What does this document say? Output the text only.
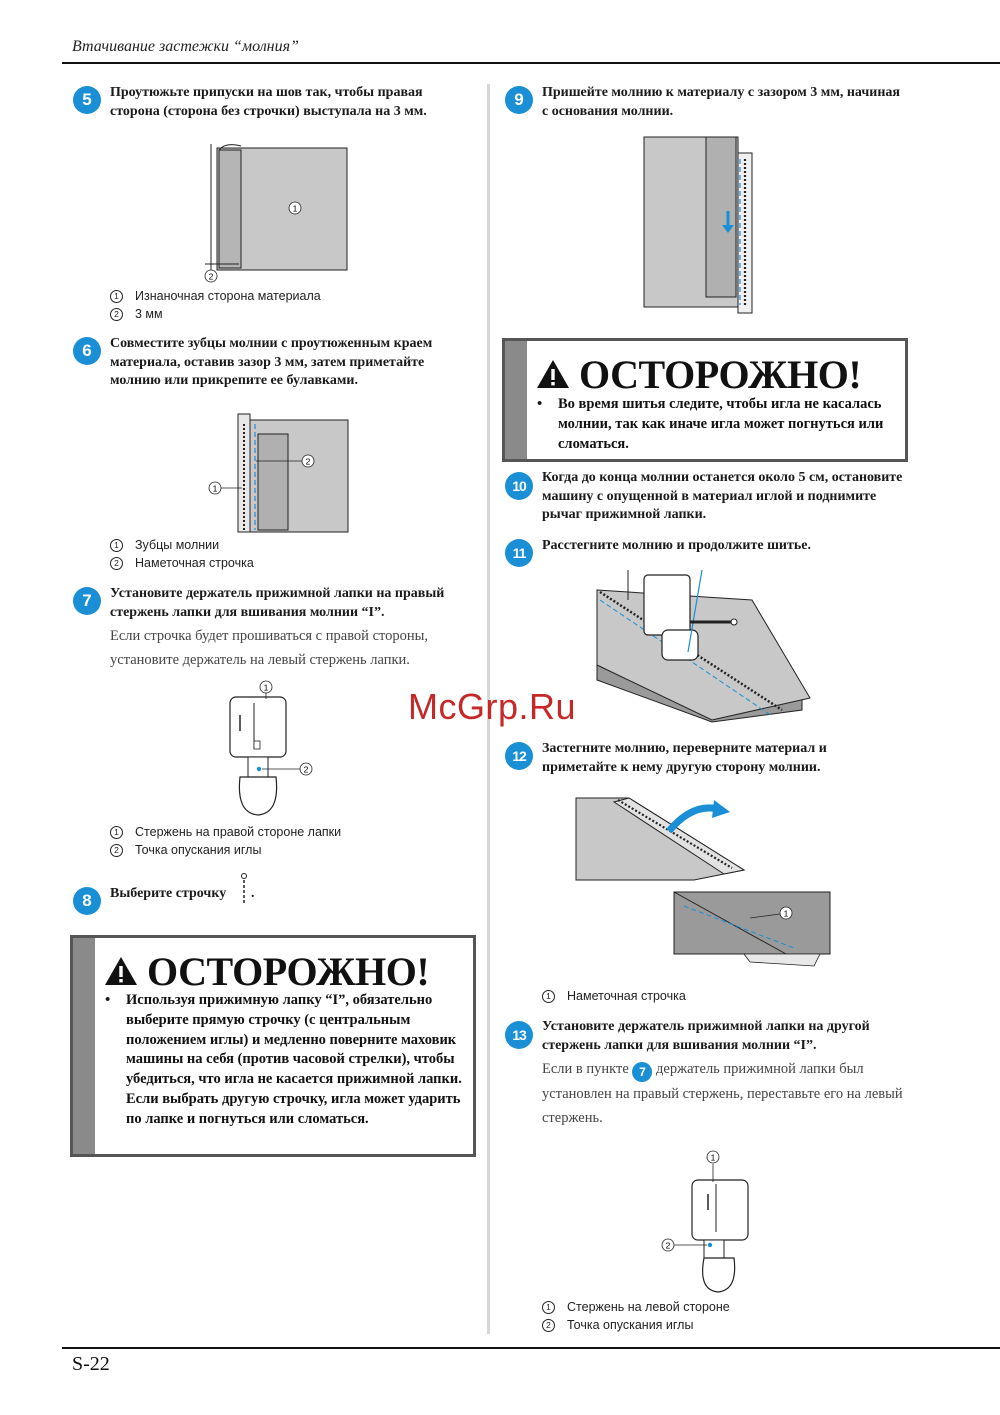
Втачивание застежки “молния”
5	Проутюжьте припуски на шов так, чтобы правая сторона (сторона без строчки) выступала на 3 мм.
1
2
1	Изнаночная сторона материала
2	3 мм
6	Совместите зубцы молнии с проутюженным краем материала, оставив зазор 3 мм, затем приметайте молнию или прикрепите ее булавками.
2
1
1	Зубцы молнии
2	Наметочная строчка
7	Установите держатель прижимной лапки на правый стержень лапки для вшивания молнии “I”.
Если строчка будет прошиваться с правой стороны, установите держатель на левый стержень лапки.
1
2
1	Стержень на правой стороне лапки
2	Точка опускания иглы
8	Выберите строчку .
ОСТОРОЖНО!
• Используя прижимную лапку “I”, обязательно выберите прямую строчку (с центральным положением иглы) и медленно поверните маховик машины на себя (против часовой стрелки), чтобы убедиться, что игла не касается прижимной лапки. Если выбрать другую строчку, игла может ударить по лапке и погнуться или сломаться.
9	Пришейте молнию к материалу с зазором 3 мм, начиная с основания молнии.
ОСТОРОЖНО!
• Во время шитья следите, чтобы игла не касалась молнии, так как иначе игла может погнуться или сломаться.
10
Когда до конца молнии останется около 5 см, остановите машину с опущенной в материал иглой и поднимите рычаг прижимной лапки.
11	Расстегните молнию и продолжите шитье.
12	Застегните молнию, переверните материал и приметайте к нему другую сторону молнии.
1
1	Наметочная строчка
13
Установите держатель прижимной лапки на другой стержень лапки для вшивания молнии “I”.
Если в пункте 7 держатель прижимной лапки был установлен на правый стержень, переставьте его на левый стержень.
1
2
1	Стержень на левой стороне
2	Точка опускания иглы
McGrp.Ru
S-22
